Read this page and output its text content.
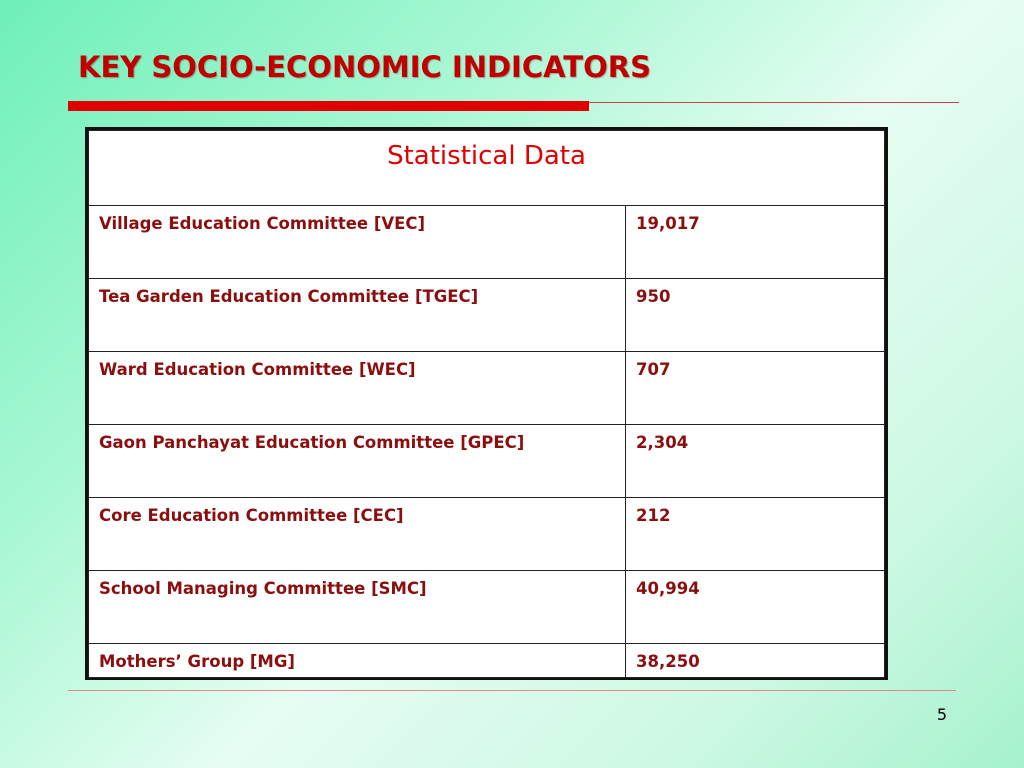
KEY SOCIO-ECONOMIC INDICATORS
Statistical Data	

Village Education Committee [VEC]	19,017

Tea Garden Education Committee [TGEC]	950

Ward Education Committee [WEC]	707

Gaon Panchayat Education Committee [GPEC]	2,304

Core Education Committee [CEC]	212

School Managing Committee [SMC]	40,994

Mothers’ Group [MG]	38,250
5
